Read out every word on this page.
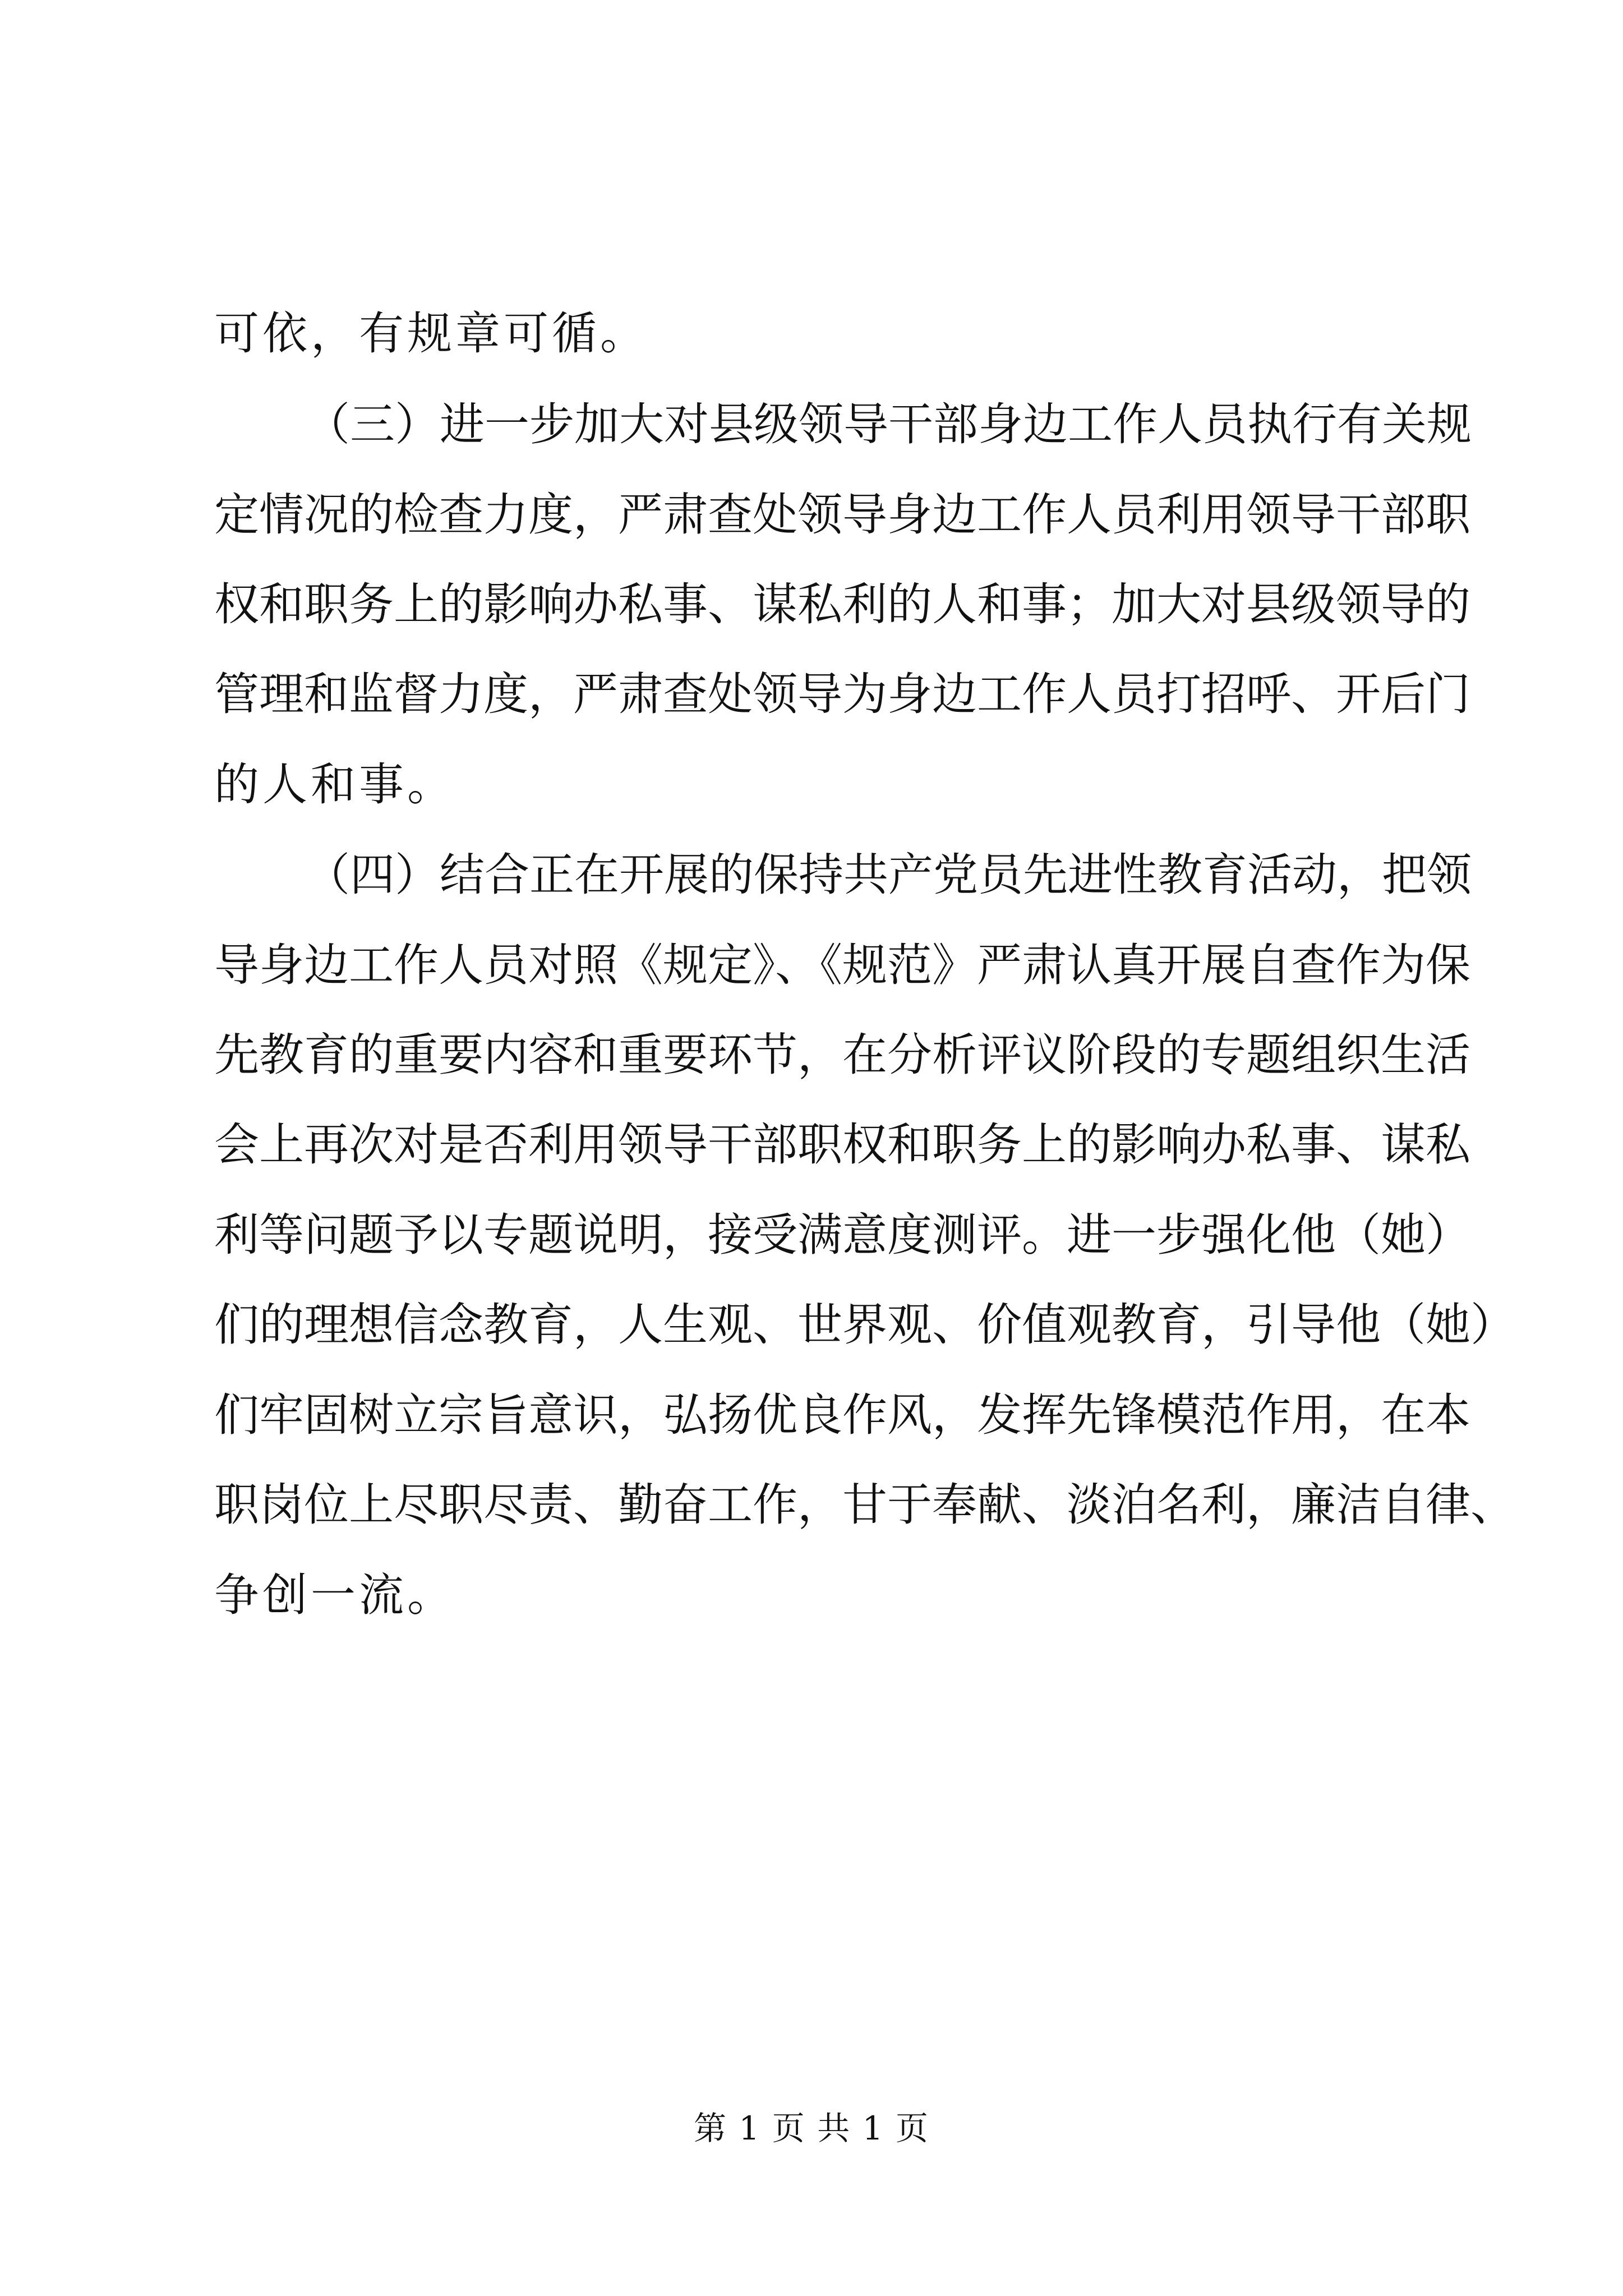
可依，有规章可循。
（三）进一步加大对县级领导干部身边工作人员执行有关规
定情况的检查力度，严肃查处领导身边工作人员利用领导干部职
权和职务上的影响办私事、谋私利的人和事；加大对县级领导的
管理和监督力度，严肃查处领导为身边工作人员打招呼、开后门
的人和事。
（四）结合正在开展的保持共产党员先进性教育活动，把领
导身边工作人员对照《规定》、《规范》严肃认真开展自查作为保
先教育的重要内容和重要环节，在分析评议阶段的专题组织生活
会上再次对是否利用领导干部职权和职务上的影响办私事、谋私
利等问题予以专题说明，接受满意度测评。进一步强化他（她）
们的理想信念教育，人生观、世界观、价值观教育，引导他（她）
们牢固树立宗旨意识，弘扬优良作风，发挥先锋模范作用，在本
职岗位上尽职尽责、勤奋工作，甘于奉献、淡泊名利，廉洁自律、
争创一流。
第 1 页 共 1 页
